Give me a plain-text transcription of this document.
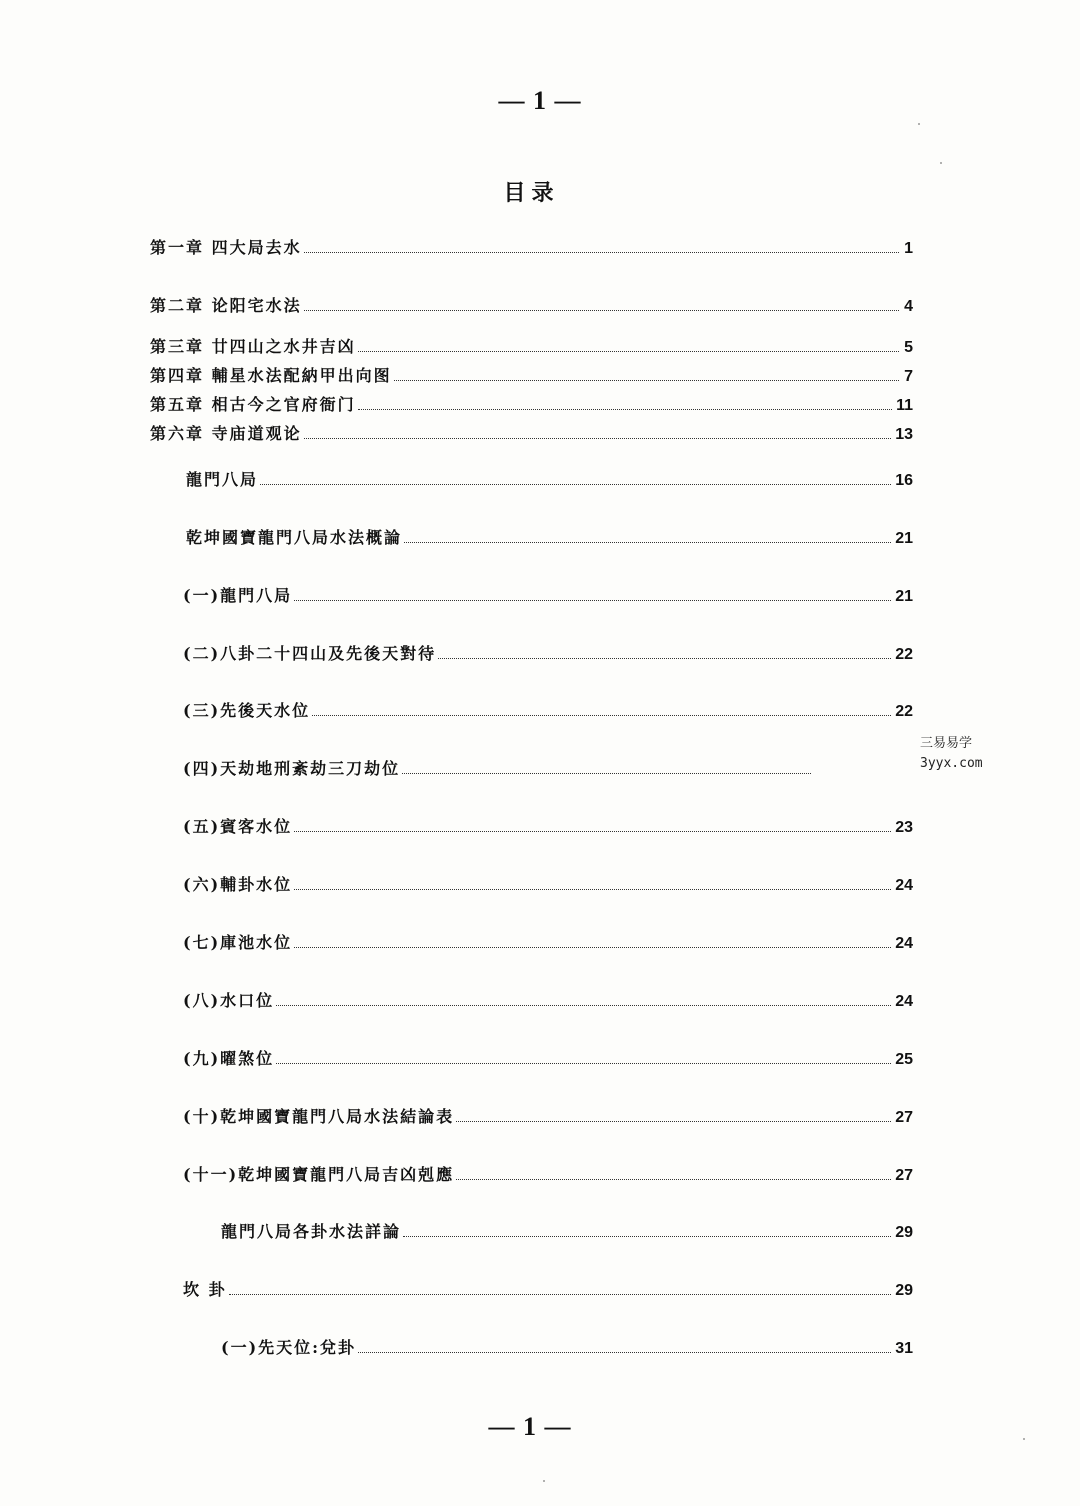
— 1 —
目录
第一章 四大局去水	1
第二章 论阳宅水法	4
第三章 廿四山之水井吉凶	5
第四章 輔星水法配納甲出向图	7
第五章 相古今之官府衙门	11
第六章 寺庙道观论	13
龍門八局	16
乾坤國寶龍門八局水法概論	21
(一)龍門八局	21
(二)八卦二十四山及先後天對待	22
(三)先後天水位	22
(四)天劫地刑紊劫三刀劫位
(五)賓客水位	23
(六)輔卦水位	24
(七)庫池水位	24
(八)水口位	24
(九)曜煞位	25
(十)乾坤國寶龍門八局水法結論表	27
(十一)乾坤國寶龍門八局吉凶剋應	27
龍門八局各卦水法詳論	29
坎 卦	29
(一)先天位:兌卦	31
三易易学
3yyx.com
— 1 —
